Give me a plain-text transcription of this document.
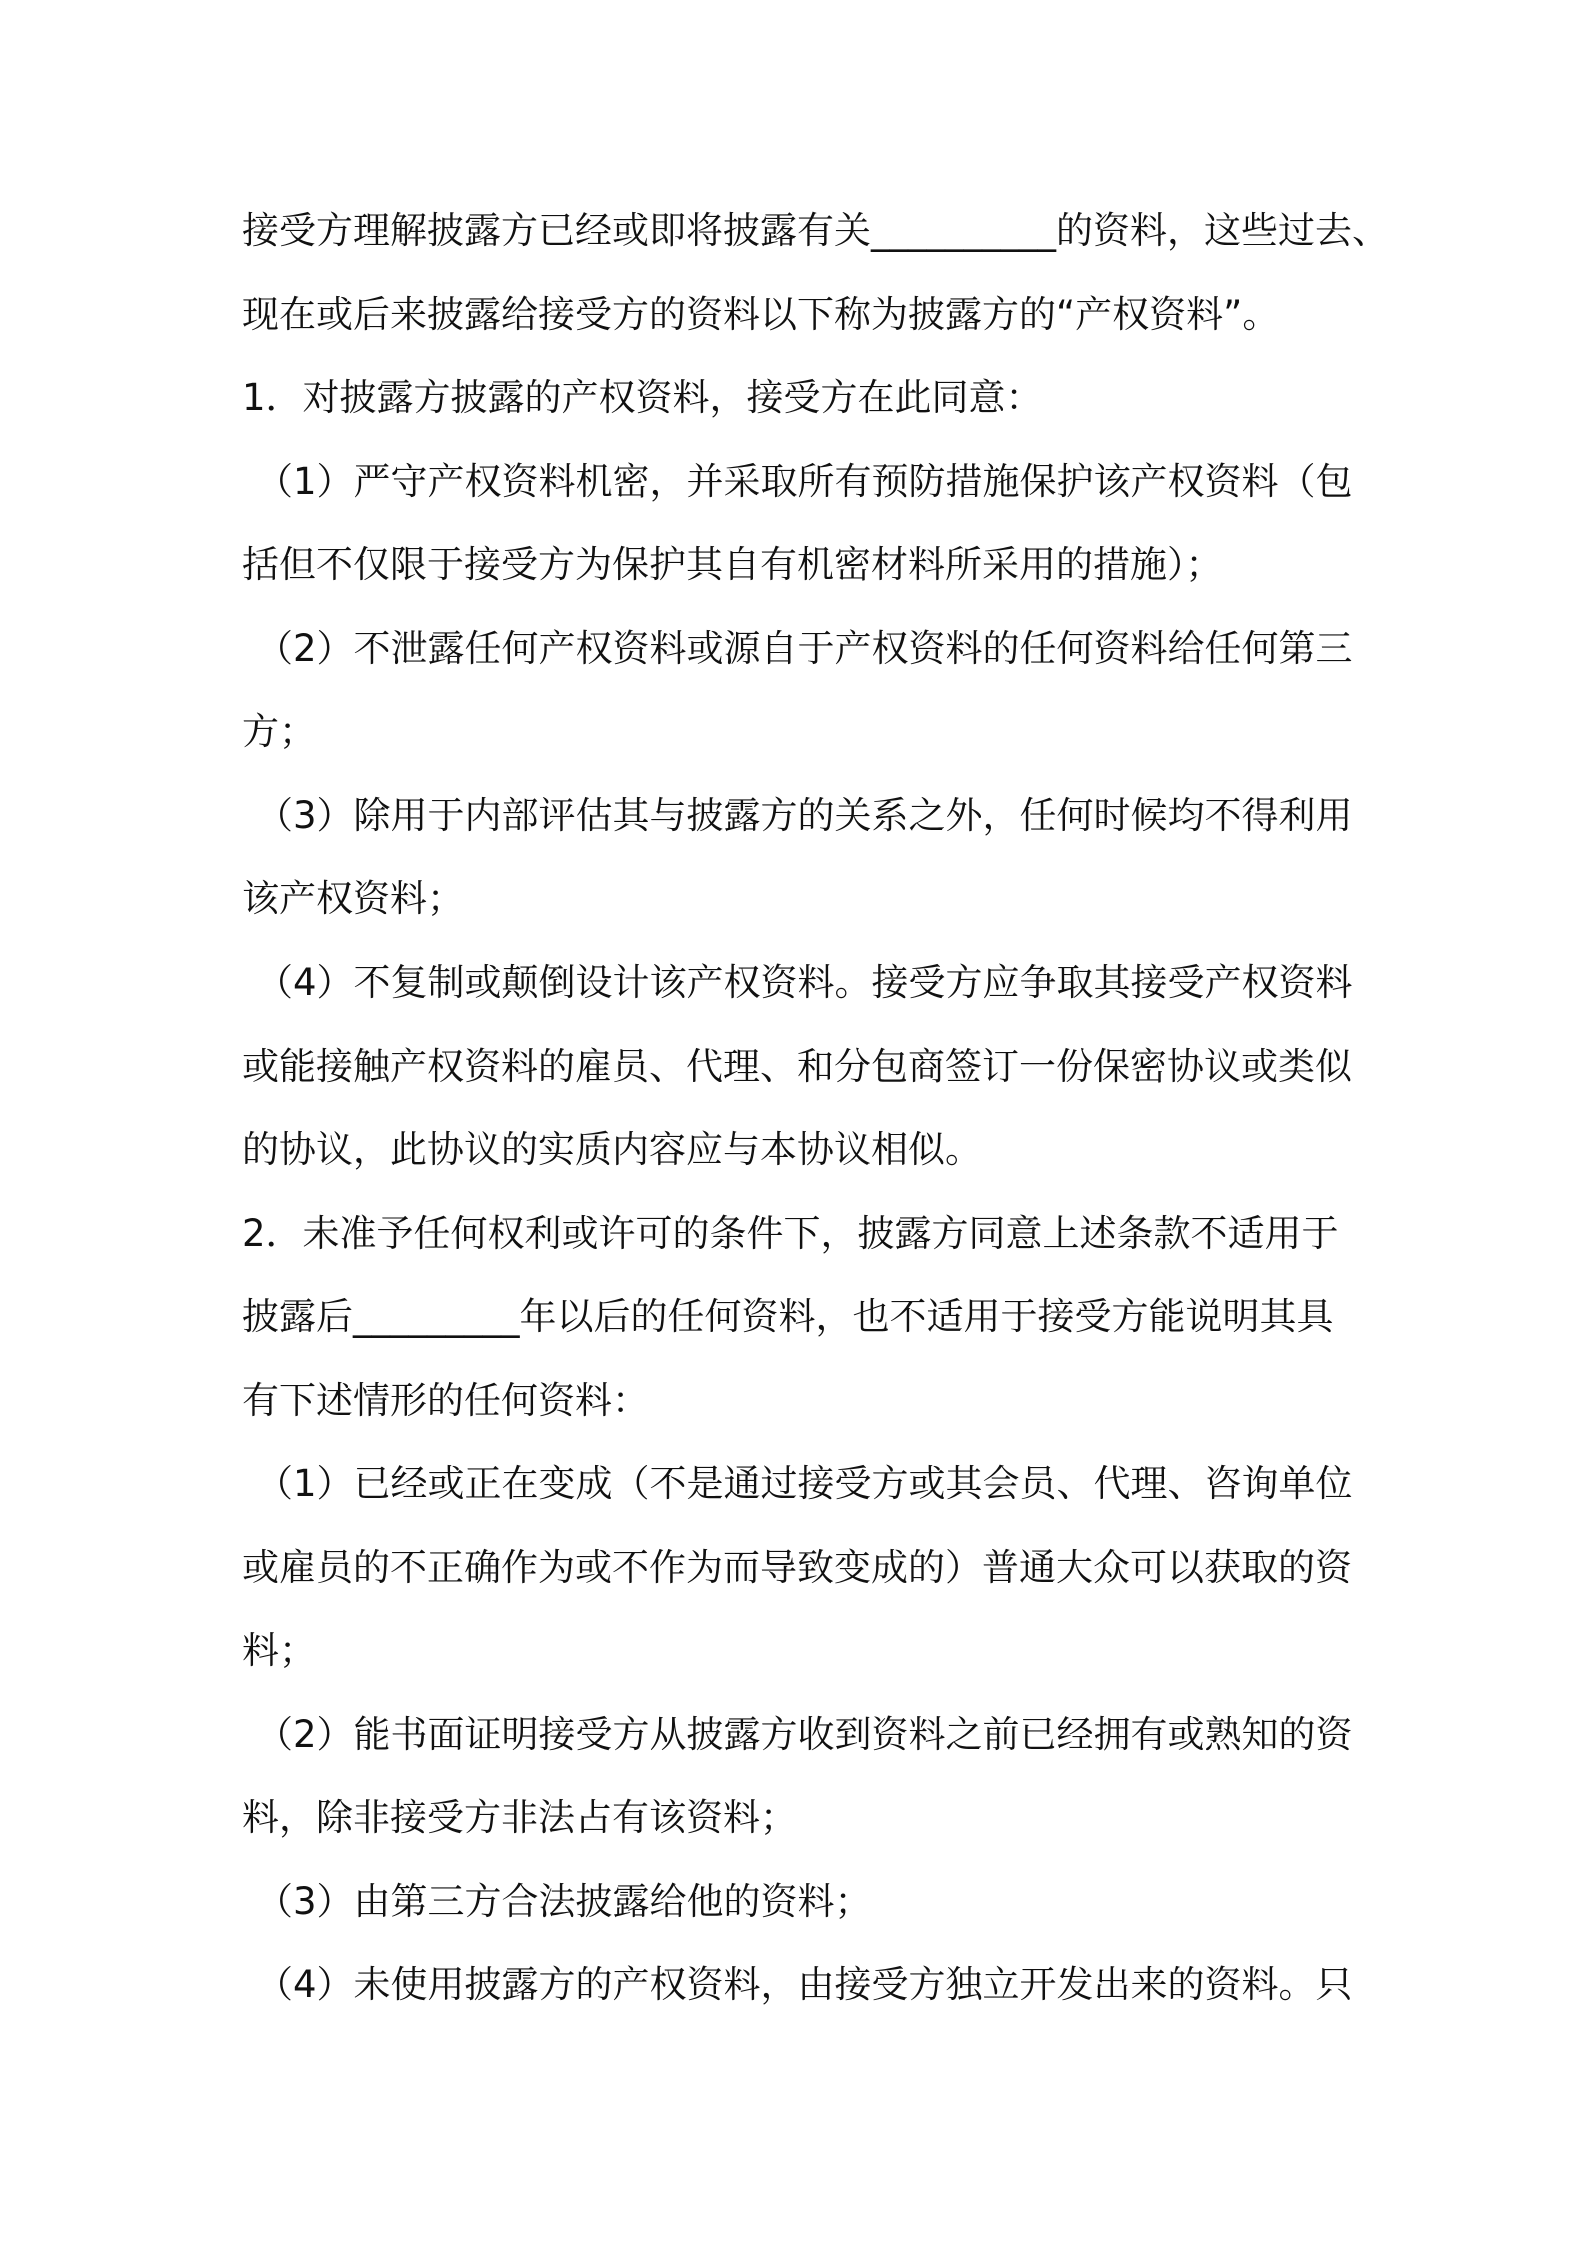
接受方理解披露方已经或即将披露有关__________的资料，这些过去、
现在或后来披露给接受方的资料以下称为披露方的“产权资料”。
1．对披露方披露的产权资料，接受方在此同意：
（1）严守产权资料机密，并采取所有预防措施保护该产权资料（包
括但不仅限于接受方为保护其自有机密材料所采用的措施）；
（2）不泄露任何产权资料或源自于产权资料的任何资料给任何第三
方；
（3）除用于内部评估其与披露方的关系之外，任何时候均不得利用
该产权资料；
（4）不复制或颠倒设计该产权资料。接受方应争取其接受产权资料
或能接触产权资料的雇员、代理、和分包商签订一份保密协议或类似
的协议，此协议的实质内容应与本协议相似。
2．未准予任何权利或许可的条件下，披露方同意上述条款不适用于
披露后_________年以后的任何资料，也不适用于接受方能说明其具
有下述情形的任何资料：
（1）已经或正在变成（不是通过接受方或其会员、代理、咨询单位
或雇员的不正确作为或不作为而导致变成的）普通大众可以获取的资
料；
（2）能书面证明接受方从披露方收到资料之前已经拥有或熟知的资
料，除非接受方非法占有该资料；
（3）由第三方合法披露给他的资料；
（4）未使用披露方的产权资料，由接受方独立开发出来的资料。只
